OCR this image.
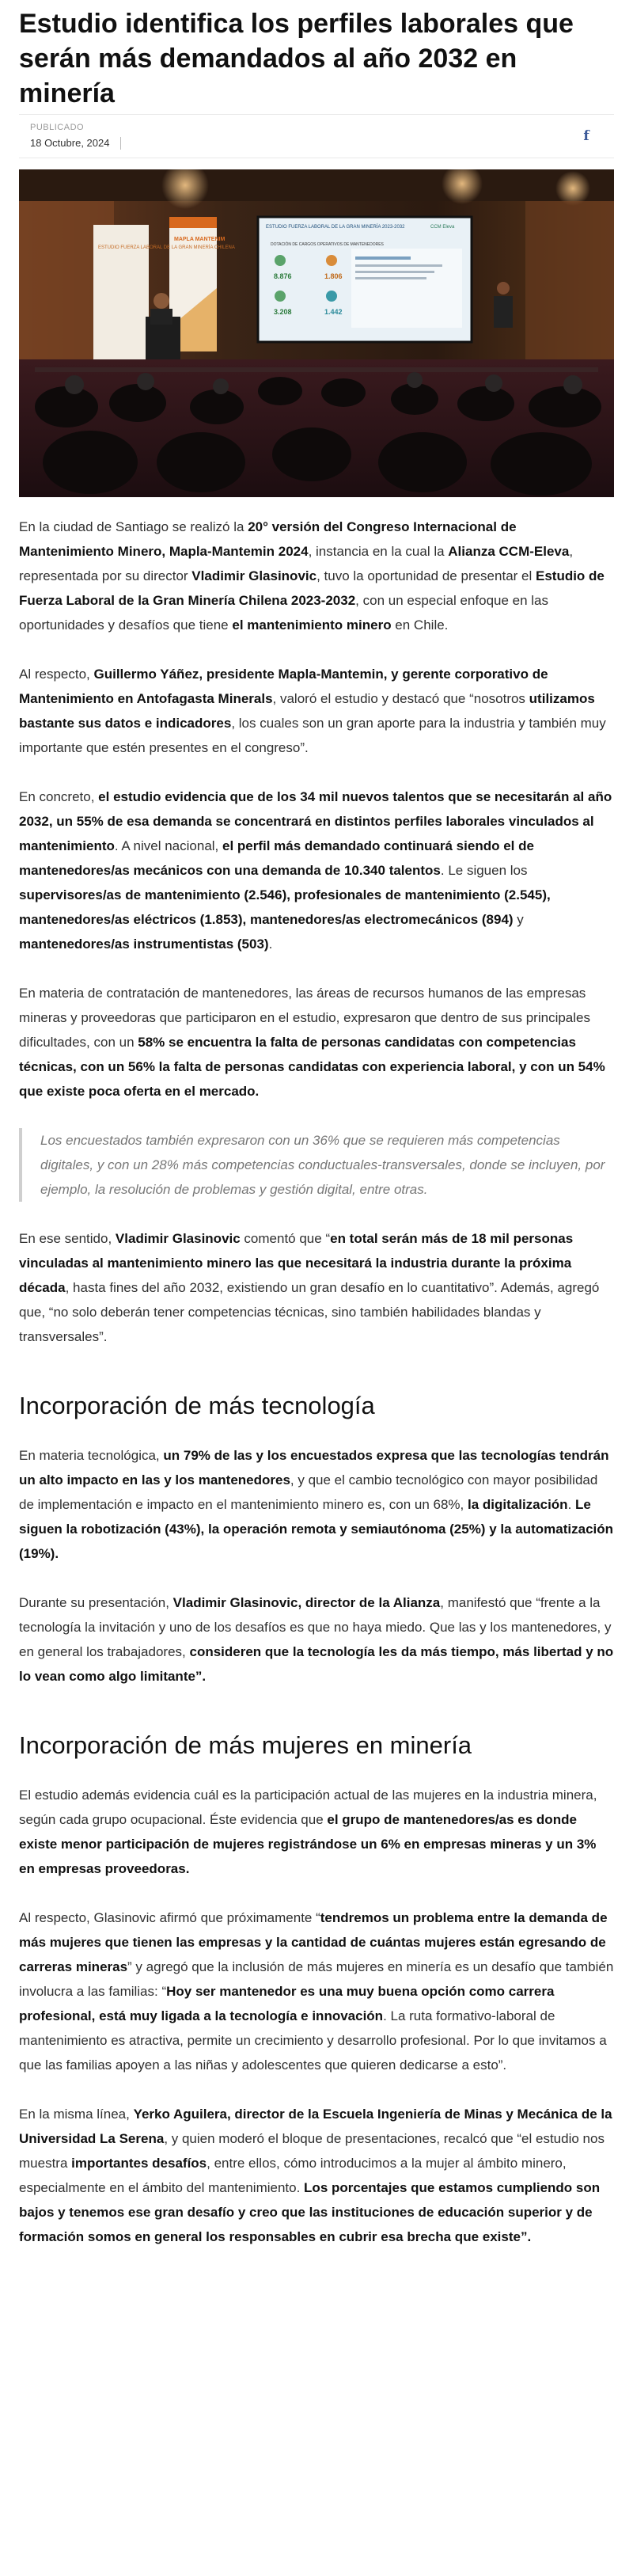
Estudio identifica los perfiles laborales que serán más demandados al año 2032 en minería
PUBLICADO
18 Octubre, 2024	f
ESTUDIO FUERZA LABORAL DE LA GRAN MINERÍA 2023-2032	CCM Eleva
DOTACIÓN DE CARGOS OPERATIVOS DE MANTENEDORES
8.876	1.806
3.208	1.442
MAPLA MANTENIM
ESTUDIO FUERZA LABORAL DE LA GRAN MINERÍA CHILENA

En la ciudad de Santiago se realizó la 20° versión del Congreso Internacional de Mantenimiento Minero, Mapla-Mantemin 2024, instancia en la cual la Alianza CCM-Eleva, representada por su director Vladimir Glasinovic, tuvo la oportunidad de presentar el Estudio de Fuerza Laboral de la Gran Minería Chilena 2023-2032, con un especial enfoque en las oportunidades y desafíos que tiene el mantenimiento minero en Chile.

Al respecto, Guillermo Yáñez, presidente Mapla-Mantemin, y gerente corporativo de Mantenimiento en Antofagasta Minerals, valoró el estudio y destacó que “nosotros utilizamos bastante sus datos e indicadores, los cuales son un gran aporte para la industria y también muy importante que estén presentes en el congreso”.

En concreto, el estudio evidencia que de los 34 mil nuevos talentos que se necesitarán al año 2032, un 55% de esa demanda se concentrará en distintos perfiles laborales vinculados al mantenimiento. A nivel nacional, el perfil más demandado continuará siendo el de mantenedores/as mecánicos con una demanda de 10.340 talentos. Le siguen los supervisores/as de mantenimiento (2.546), profesionales de mantenimiento (2.545), mantenedores/as eléctricos (1.853), mantenedores/as electromecánicos (894) y mantenedores/as instrumentistas (503).

En materia de contratación de mantenedores, las áreas de recursos humanos de las empresas mineras y proveedoras que participaron en el estudio, expresaron que dentro de sus principales dificultades, con un 58% se encuentra la falta de personas candidatas con competencias técnicas, con un 56% la falta de personas candidatas con experiencia laboral, y con un 54% que existe poca oferta en el mercado.

Los encuestados también expresaron con un 36% que se requieren más competencias digitales, y con un 28% más competencias conductuales-transversales, donde se incluyen, por ejemplo, la resolución de problemas y gestión digital, entre otras.

En ese sentido, Vladimir Glasinovic comentó que “en total serán más de 18 mil personas vinculadas al mantenimiento minero las que necesitará la industria durante la próxima década, hasta fines del año 2032, existiendo un gran desafío en lo cuantitativo”. Además, agregó que, “no solo deberán tener competencias técnicas, sino también habilidades blandas y transversales”.

Incorporación de más tecnología

En materia tecnológica, un 79% de las y los encuestados expresa que las tecnologías tendrán un alto impacto en las y los mantenedores, y que el cambio tecnológico con mayor posibilidad de implementación e impacto en el mantenimiento minero es, con un 68%, la digitalización. Le siguen la robotización (43%), la operación remota y semiautónoma (25%) y la automatización (19%).

Durante su presentación, Vladimir Glasinovic, director de la Alianza, manifestó que “frente a la tecnología la invitación y uno de los desafíos es que no haya miedo. Que las y los mantenedores, y en general los trabajadores, consideren que la tecnología les da más tiempo, más libertad y no lo vean como algo limitante”.

Incorporación de más mujeres en minería

El estudio además evidencia cuál es la participación actual de las mujeres en la industria minera, según cada grupo ocupacional. Éste evidencia que el grupo de mantenedores/as es donde existe menor participación de mujeres registrándose un 6% en empresas mineras y un 3% en empresas proveedoras.

Al respecto, Glasinovic afirmó que próximamente “tendremos un problema entre la demanda de más mujeres que tienen las empresas y la cantidad de cuántas mujeres están egresando de carreras mineras” y agregó que la inclusión de más mujeres en minería es un desafío que también involucra a las familias: “Hoy ser mantenedor es una muy buena opción como carrera profesional, está muy ligada a la tecnología e innovación. La ruta formativo-laboral de mantenimiento es atractiva, permite un crecimiento y desarrollo profesional. Por lo que invitamos a que las familias apoyen a las niñas y adolescentes que quieren dedicarse a esto”.

En la misma línea, Yerko Aguilera, director de la Escuela Ingeniería de Minas y Mecánica de la Universidad La Serena, y quien moderó el bloque de presentaciones, recalcó que “el estudio nos muestra importantes desafíos, entre ellos, cómo introducimos a la mujer al ámbito minero, especialmente en el ámbito del mantenimiento. Los porcentajes que estamos cumpliendo son bajos y tenemos ese gran desafío y creo que las instituciones de educación superior y de formación somos en general los responsables en cubrir esa brecha que existe”.
